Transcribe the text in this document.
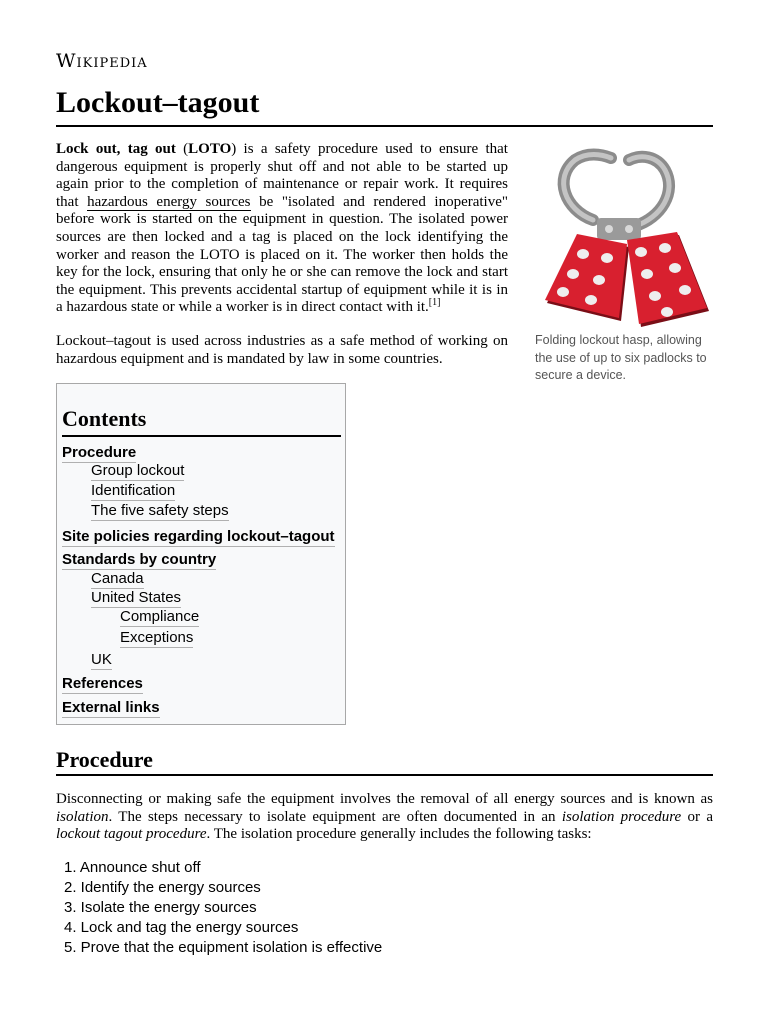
Wikipedia
Lockout–tagout

Lock out, tag out (LOTO) is a safety procedure used to ensure that dangerous equipment is properly shut off and not able to be started up again prior to the completion of maintenance or repair work. It requires that hazardous energy sources be "isolated and rendered inoperative" before work is started on the equipment in question. The isolated power sources are then locked and a tag is placed on the lock identifying the worker and reason the LOTO is placed on it. The worker then holds the key for the lock, ensuring that only he or she can remove the lock and start the equipment. This prevents accidental startup of equipment while it is in a hazardous state or while a worker is in direct contact with it.[1]

Lockout–tagout is used across industries as a safe method of working on hazardous equipment and is mandated by law in some countries.

Folding lockout hasp, allowing the use of up to six padlocks to secure a device.
Contents
Procedure
Group lockout
Identification
The five safety steps
Site policies regarding lockout–tagout
Standards by country
Canada
United States
Compliance
Exceptions
UK
References
External links
Procedure

Disconnecting or making safe the equipment involves the removal of all energy sources and is known as isolation. The steps necessary to isolate equipment are often documented in an isolation procedure or a lockout tagout procedure. The isolation procedure generally includes the following tasks:

1. Announce shut off
2. Identify the energy sources
3. Isolate the energy sources
4. Lock and tag the energy sources
5. Prove that the equipment isolation is effective
